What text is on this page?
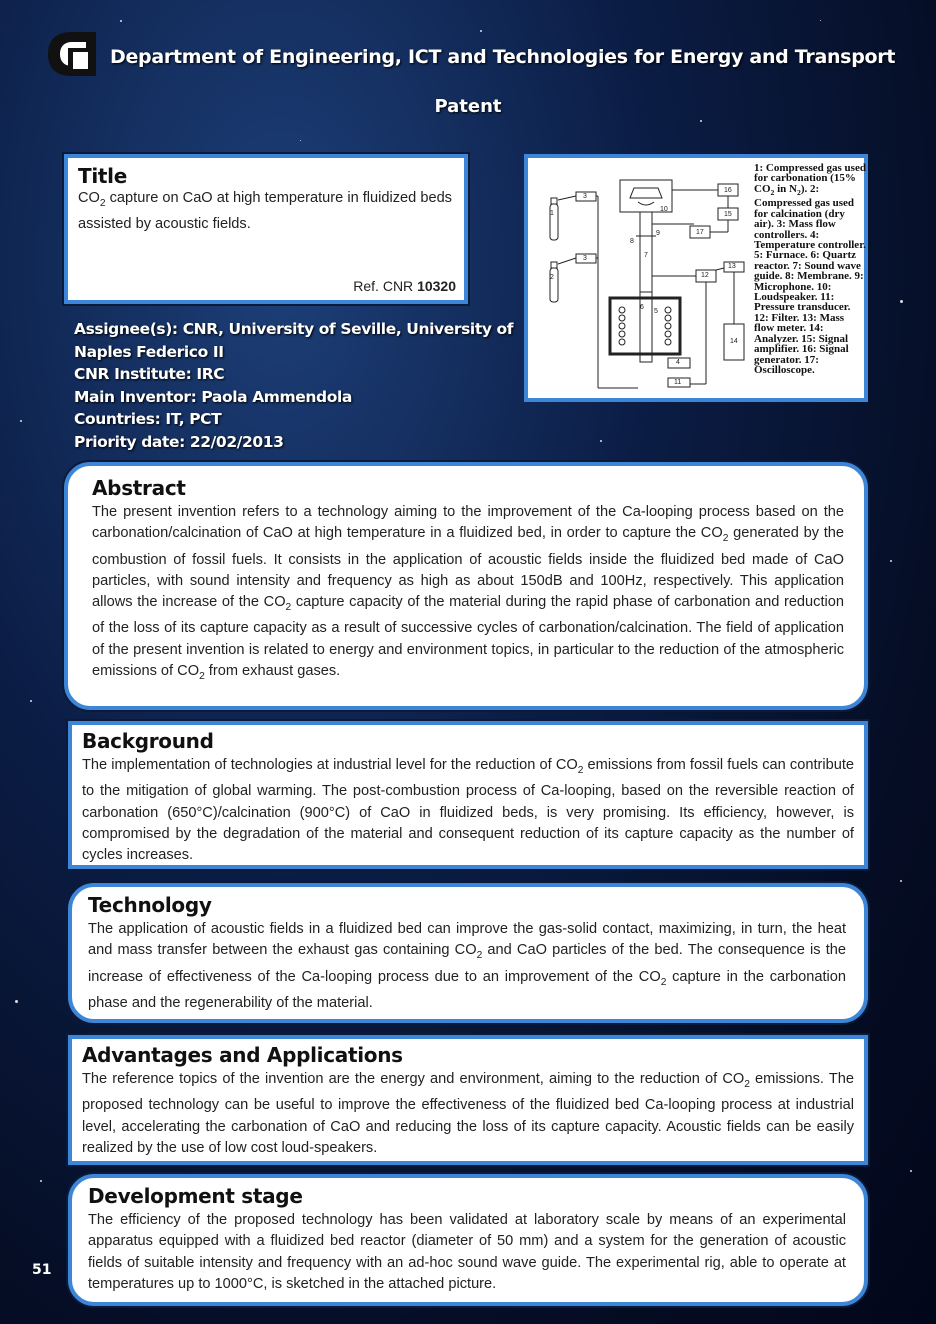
Department of Engineering, ICT and Technologies for Energy and Transport
Patent
Title

$CO_2$ capture on CaO at high temperature in fluidized beds assisted by acoustic fields.

Ref. CNR 10320
Assignee(s): CNR, University of Seville, University of
Naples Federico II
CNR Institute: IRC
Main Inventor: Paola Ammendola
Countries: IT, PCT
Priority date: 22/02/2013
1
2
3
3
4
5
6
7
8
9
10
11
12
13
14
15
16
17
1: Compressed gas used for carbonation (15% $CO_2$ in $N_2$). 2: Compressed gas used for calcination (dry air). 3: Mass flow controllers. 4: Temperature controller. 5: Furnace. 6: Quartz reactor. 7: Sound wave guide. 8: Membrane. 9: Microphone. 10: Loudspeaker. 11: Pressure transducer. 12: Filter. 13: Mass flow meter. 14: Analyzer. 15: Signal amplifier. 16: Signal generator. 17: Oscilloscope.
Abstract

The present invention refers to a technology aiming to the improvement of the Ca-looping process based on the carbonation/calcination of CaO at high temperature in a fluidized bed, in order to capture the $CO_2$ generated by the combustion of fossil fuels. It consists in the application of acoustic fields inside the fluidized bed made of CaO particles, with sound intensity and frequency as high as about 150dB and 100Hz, respectively. This application allows the increase of the $CO_2$ capture capacity of the material during the rapid phase of carbonation and reduction of the loss of its capture capacity as a result of successive cycles of carbonation/calcination. The field of application of the present invention is related to energy and environment topics, in particular to the reduction of the atmospheric emissions of $CO_2$ from exhaust gases.

Background

The implementation of technologies at industrial level for the reduction of $CO_2$ emissions from fossil fuels can contribute to the mitigation of global warming. The post-combustion process of Ca-looping, based on the reversible reaction of carbonation (650°C)/calcination (900°C) of CaO in fluidized beds, is very promising. Its efficiency, however, is compromised by the degradation of the material and consequent reduction of its capture capacity as the number of cycles increases.

Technology

The application of acoustic fields in a fluidized bed can improve the gas-solid contact, maximizing, in turn, the heat and mass transfer between the exhaust gas containing $CO_2$ and CaO particles of the bed. The consequence is the increase of effectiveness of the Ca-looping process due to an improvement of the $CO_2$ capture in the carbonation phase and the regenerability of the material.

Advantages and Applications

The reference topics of the invention are the energy and environment, aiming to the reduction of $CO_2$ emissions. The proposed technology can be useful to improve the effectiveness of the fluidized bed Ca-looping process at industrial level, accelerating the carbonation of CaO and reducing the loss of its capture capacity. Acoustic fields can be easily realized by the use of low cost loud-speakers.

Development stage

The efficiency of the proposed technology has been validated at laboratory scale by means of an experimental apparatus equipped with a fluidized bed reactor (diameter of 50 mm) and a system for the generation of acoustic fields of suitable intensity and frequency with an ad-hoc sound wave guide. The experimental rig, able to operate at temperatures up to 1000°C, is sketched in the attached picture.

51
